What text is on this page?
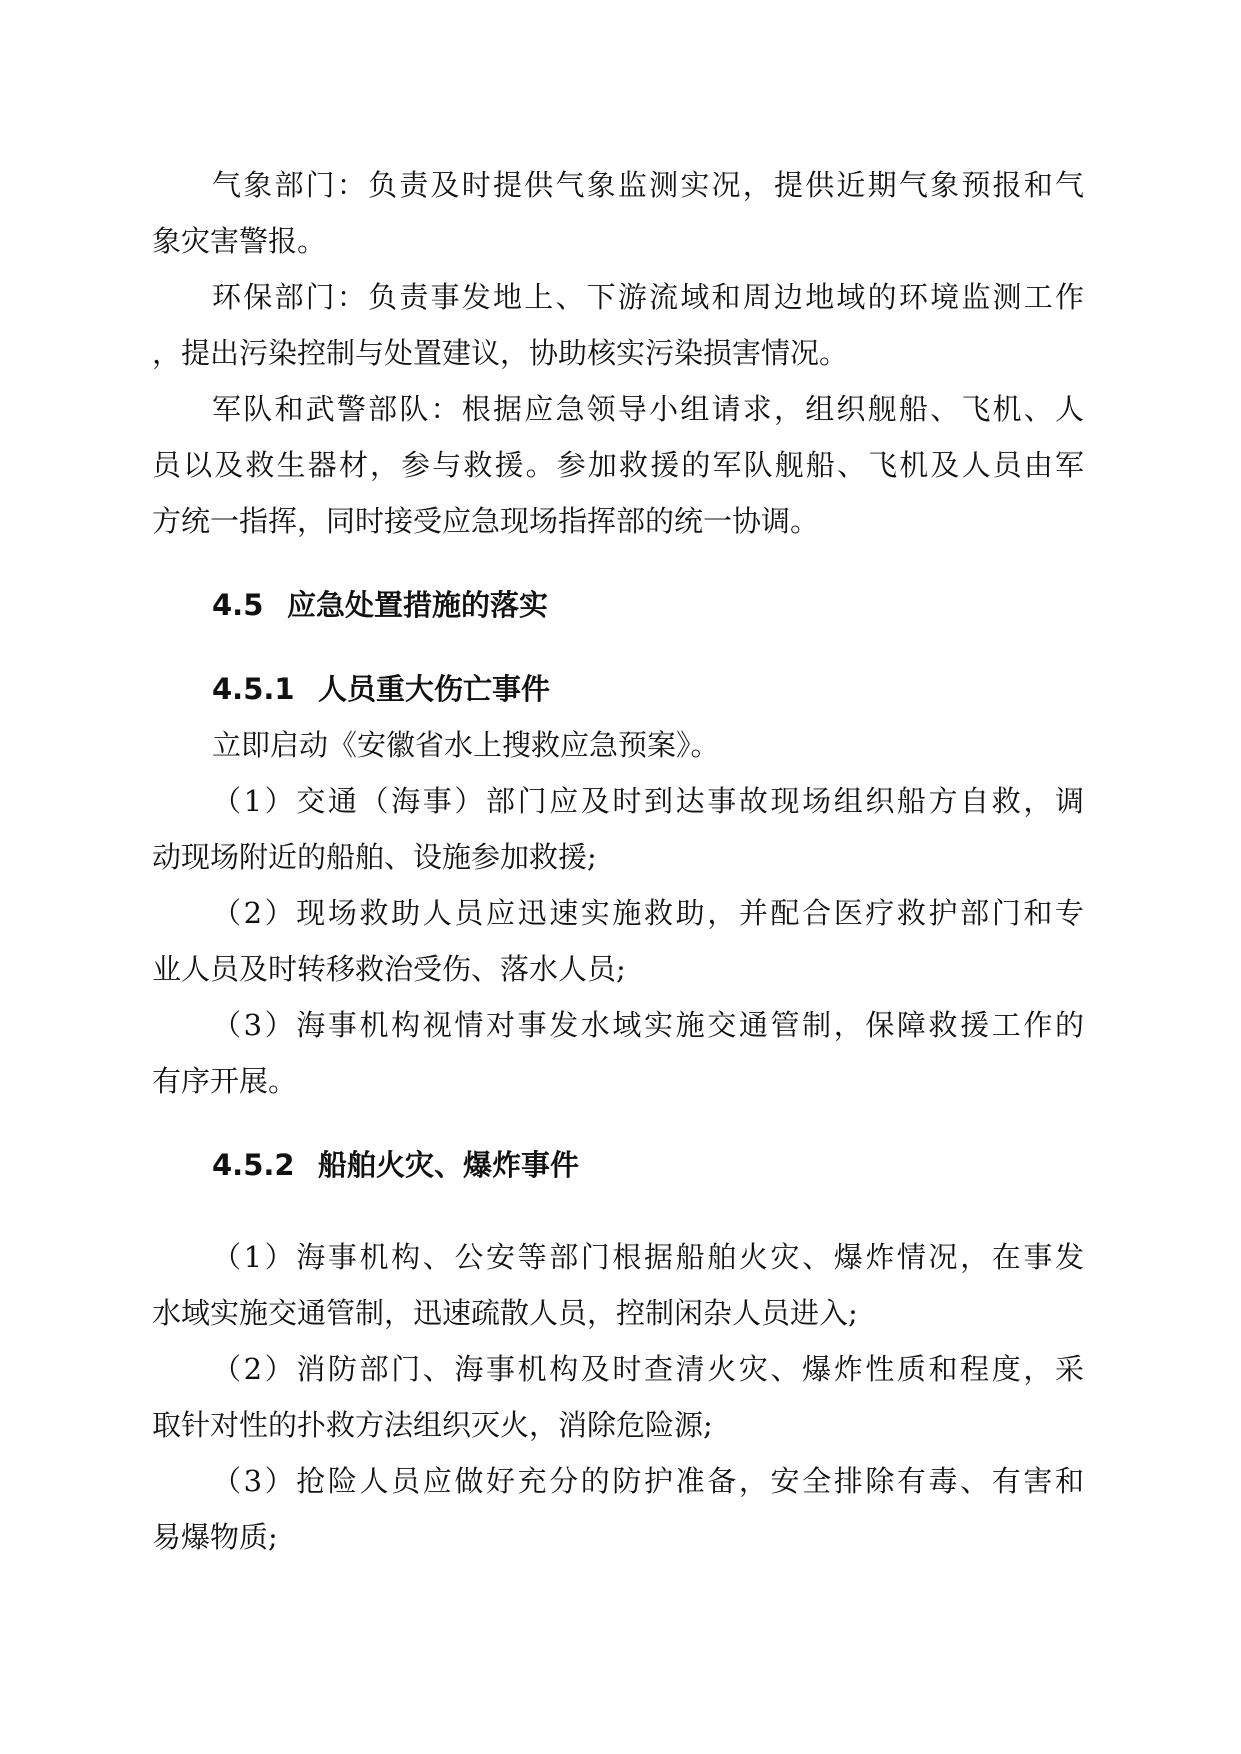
气象部门：负责及时提供气象监测实况，提供近期气象预报和气
象灾害警报。
环保部门：负责事发地上、下游流域和周边地域的环境监测工作
，提出污染控制与处置建议，协助核实污染损害情况。
军队和武警部队：根据应急领导小组请求，组织舰船、飞机、人
员以及救生器材，参与救援。参加救援的军队舰船、飞机及人员由军
方统一指挥，同时接受应急现场指挥部的统一协调。
4.5 应急处置措施的落实
4.5.1 人员重大伤亡事件
立即启动《安徽省水上搜救应急预案》。
（1）交通（海事）部门应及时到达事故现场组织船方自救，调
动现场附近的船舶、设施参加救援;
（2）现场救助人员应迅速实施救助，并配合医疗救护部门和专
业人员及时转移救治受伤、落水人员;
（3）海事机构视情对事发水域实施交通管制，保障救援工作的
有序开展。
4.5.2 船舶火灾、爆炸事件
（1）海事机构、公安等部门根据船舶火灾、爆炸情况，在事发
水域实施交通管制，迅速疏散人员，控制闲杂人员进入;
（2）消防部门、海事机构及时查清火灾、爆炸性质和程度，采
取针对性的扑救方法组织灭火，消除危险源;
（3）抢险人员应做好充分的防护准备，安全排除有毒、有害和
易爆物质;
